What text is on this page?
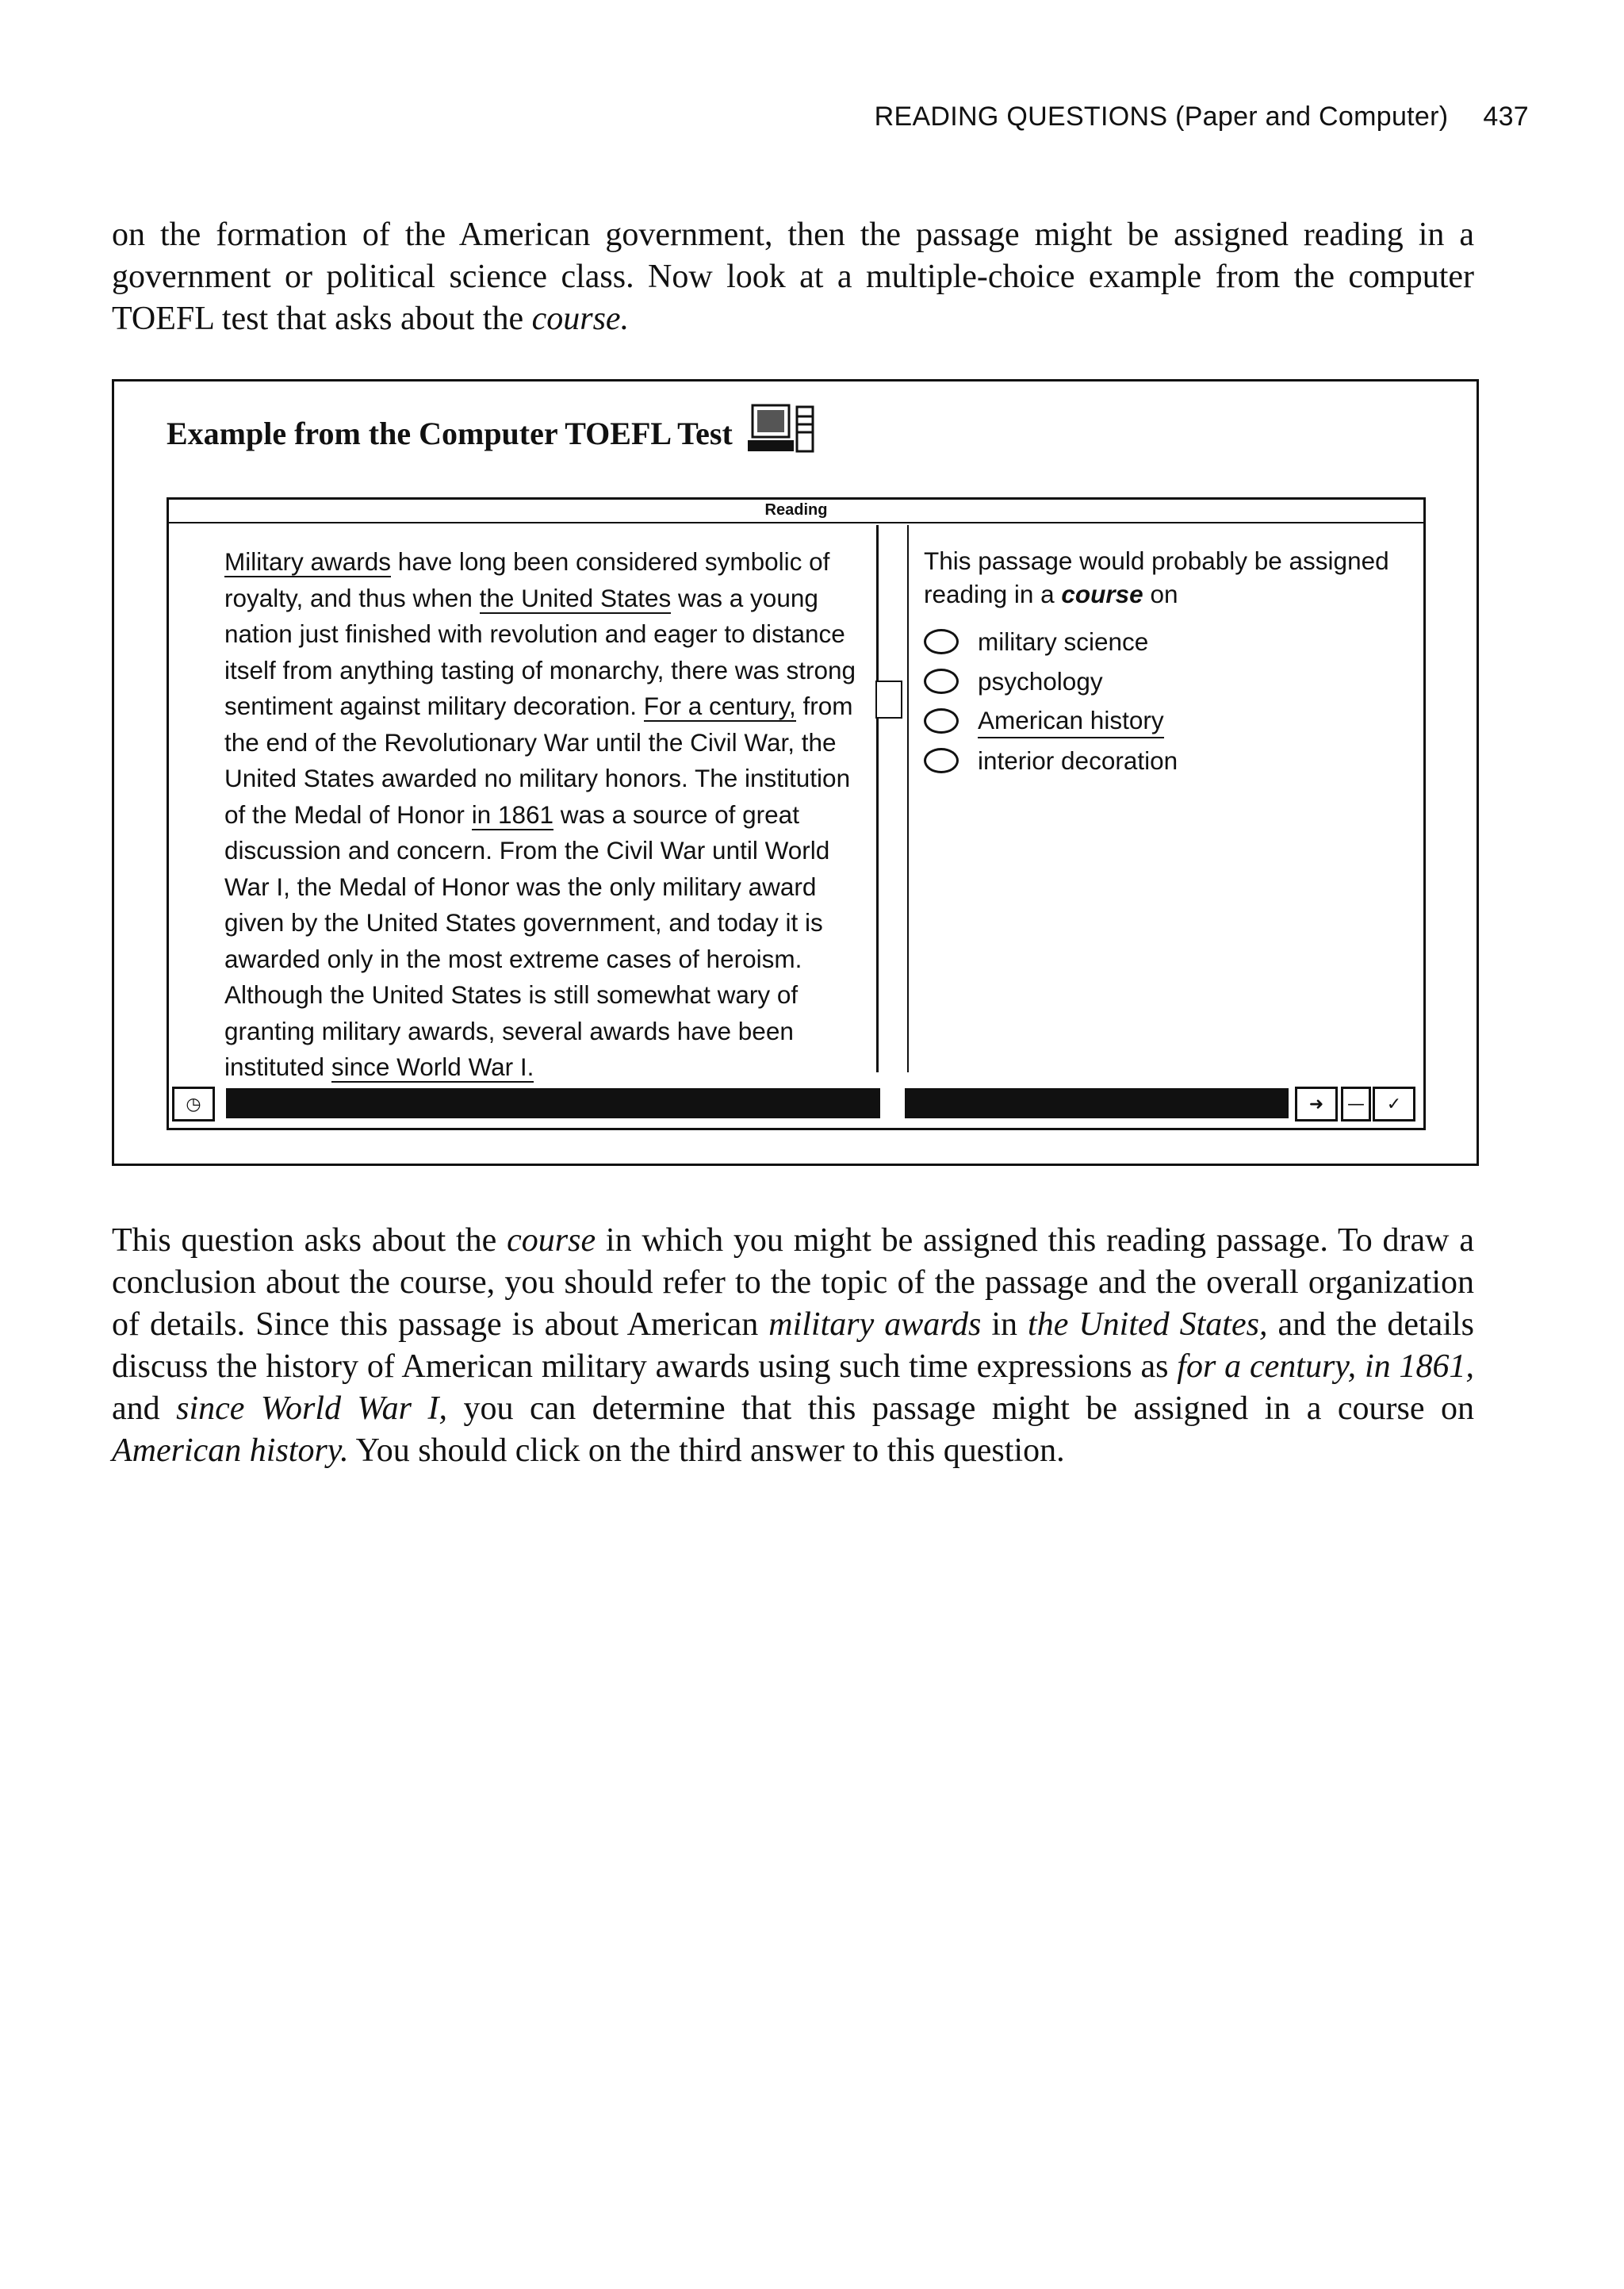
READING QUESTIONS (Paper and Computer) 437

on the formation of the American government, then the passage might be assigned reading in a government or political science class. Now look at a multiple-choice example from the computer TOEFL test that asks about the course.

Example from the Computer TOEFL Test
Reading

Military awards have long been considered symbolic of royalty, and thus when the United States was a young nation just finished with revolution and eager to distance itself from anything tasting of monarchy, there was strong sentiment against military decoration. For a century, from the end of the Revolutionary War until the Civil War, the United States awarded no military honors. The institution of the Medal of Honor in 1861 was a source of great discussion and concern. From the Civil War until World War I, the Medal of Honor was the only military award given by the United States government, and today it is awarded only in the most extreme cases of heroism. Although the United States is still somewhat wary of granting military awards, several awards have been instituted since World War I.

This passage would probably be assigned reading in a course on

military science
psychology
American history
interior decoration
◷	➜	—	✓

This question asks about the course in which you might be assigned this reading passage. To draw a conclusion about the course, you should refer to the topic of the passage and the overall organization of details. Since this passage is about American military awards in the United States, and the details discuss the history of American military awards using such time expressions as for a century, in 1861, and since World War I, you can determine that this passage might be assigned in a course on American history. You should click on the third answer to this question.
